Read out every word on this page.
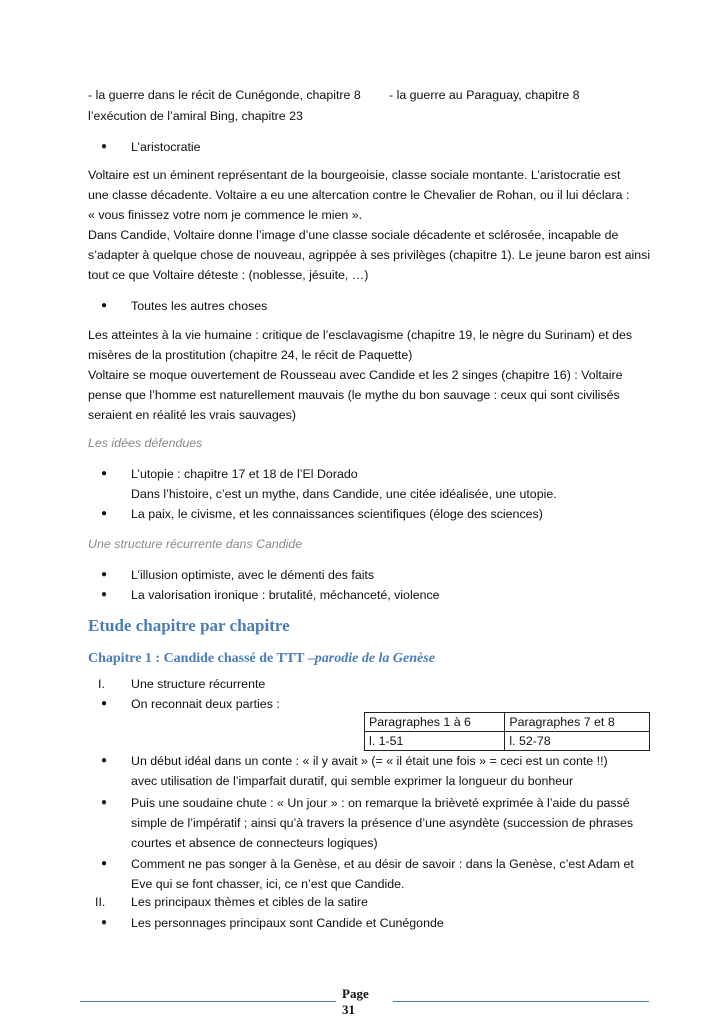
- la guerre dans le récit de Cunégonde, chapitre 8 - la guerre au Paraguay, chapitre 8

l’exécution de l’amiral Bing, chapitre 23

● L’aristocratie

Voltaire est un éminent représentant de la bourgeoisie, classe sociale montante. L’aristocratie est

une classe décadente. Voltaire a eu une altercation contre le Chevalier de Rohan, ou il lui déclara :

« vous finissez votre nom je commence le mien ».

Dans Candide, Voltaire donne l’image d’une classe sociale décadente et sclérosée, incapable de

s’adapter à quelque chose de nouveau, agrippée à ses privilèges (chapitre 1). Le jeune baron est ainsi

tout ce que Voltaire déteste : (noblesse, jésuite, …)

● Toutes les autres choses

Les atteintes à la vie humaine : critique de l’esclavagisme (chapitre 19, le nègre du Surinam) et des

misères de la prostitution (chapitre 24, le récit de Paquette)

Voltaire se moque ouvertement de Rousseau avec Candide et les 2 singes (chapitre 16) : Voltaire

pense que l’homme est naturellement mauvais (le mythe du bon sauvage : ceux qui sont civilisés

seraient en réalité les vrais sauvages)

Les idées défendues
● L’utopie : chapitre 17 et 18 de l’El Dorado
Dans l’histoire, c’est un mythe, dans Candide, une citée idéalisée, une utopie.
● La paix, le civisme, et les connaissances scientifiques (éloge des sciences)
Une structure récurrente dans Candide
● L’illusion optimiste, avec le démenti des faits
● La valorisation ironique : brutalité, méchanceté, violence
Etude chapitre par chapitre
Chapitre 1 : Candide chassé de TTT –parodie de la Genèse
I. Une structure récurrente
● On reconnait deux parties :
Paragraphes 1 à 6	Paragraphes 7 et 8
l. 1-51	l. 52-78
● Un début idéal dans un conte : « il y avait » (= « il était une fois » = ceci est un conte !!)
avec utilisation de l’imparfait duratif, qui semble exprimer la longueur du bonheur
● Puis une soudaine chute : « Un jour » : on remarque la brièveté exprimée à l’aide du passé
simple de l’impératif ; ainsi qu’à travers la présence d’une asyndète (succession de phrases
courtes et absence de connecteurs logiques)
● Comment ne pas songer à la Genèse, et au désir de savoir : dans la Genèse, c’est Adam et
Eve qui se font chasser, ici, ce n’est que Candide.
II. Les principaux thèmes et cibles de la satire
● Les personnages principaux sont Candide et Cunégonde
Page
31
